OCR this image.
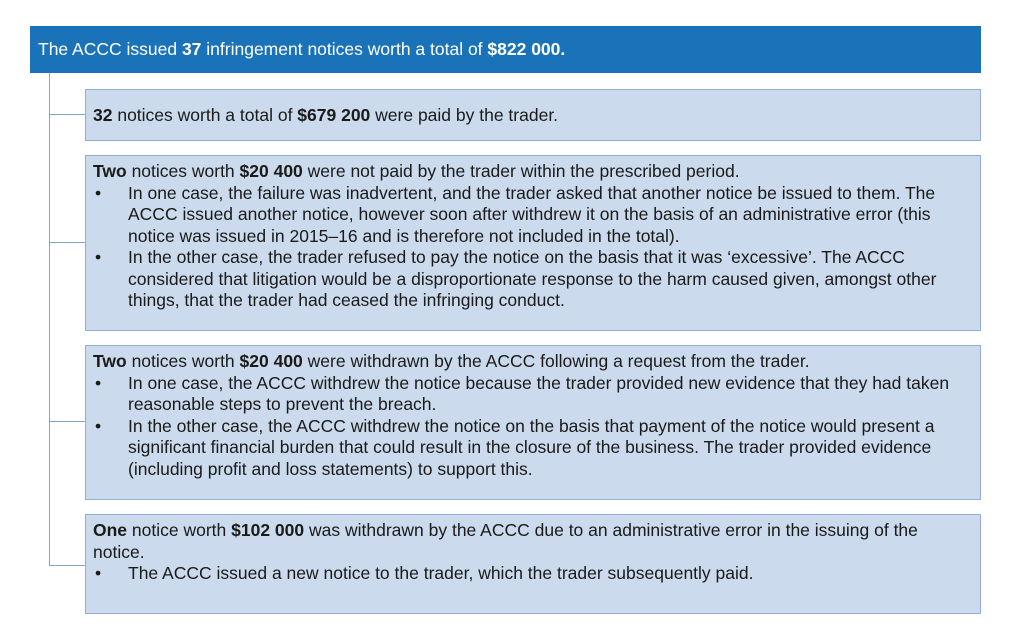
The ACCC issued 37 infringement notices worth a total of $822 000.
32 notices worth a total of $679 200 were paid by the trader.
Two notices worth $20 400 were not paid by the trader within the prescribed period.
• In one case, the failure was inadvertent, and the trader asked that another notice be issued to them. The ACCC issued another notice, however soon after withdrew it on the basis of an administrative error (this notice was issued in 2015–16 and is therefore not included in the total).
• In the other case, the trader refused to pay the notice on the basis that it was ‘excessive’. The ACCC considered that litigation would be a disproportionate response to the harm caused given, amongst other things, that the trader had ceased the infringing conduct.
Two notices worth $20 400 were withdrawn by the ACCC following a request from the trader.
• In one case, the ACCC withdrew the notice because the trader provided new evidence that they had taken reasonable steps to prevent the breach.
• In the other case, the ACCC withdrew the notice on the basis that payment of the notice would present a significant financial burden that could result in the closure of the business. The trader provided evidence (including profit and loss statements) to support this.
One notice worth $102 000 was withdrawn by the ACCC due to an administrative error in the issuing of the notice.
• The ACCC issued a new notice to the trader, which the trader subsequently paid.
